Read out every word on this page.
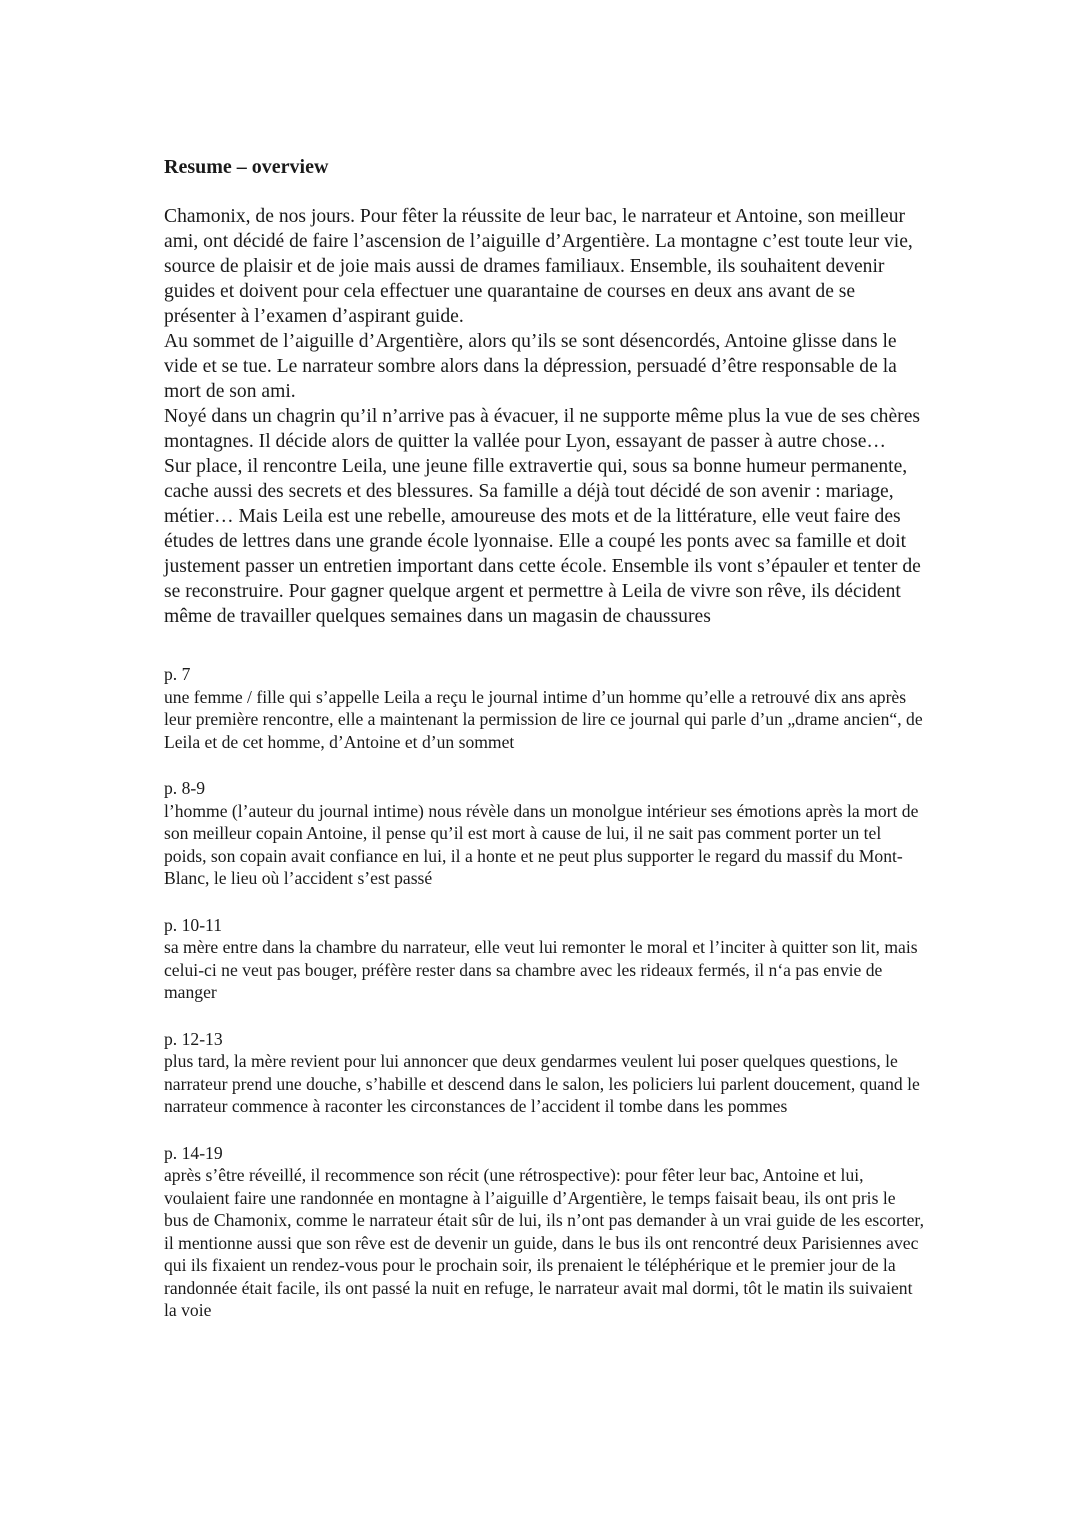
Resume – overview

Chamonix, de nos jours. Pour fêter la réussite de leur bac, le narrateur et Antoine, son meilleur ami, ont décidé de faire l’ascension de l’aiguille d’Argentière. La montagne c’est toute leur vie, source de plaisir et de joie mais aussi de drames familiaux. Ensemble, ils souhaitent devenir guides et doivent pour cela effectuer une quarantaine de courses en deux ans avant de se présenter à l’examen d’aspirant guide.

Au sommet de l’aiguille d’Argentière, alors qu’ils se sont désencordés, Antoine glisse dans le vide et se tue. Le narrateur sombre alors dans la dépression, persuadé d’être responsable de la mort de son ami.

Noyé dans un chagrin qu’il n’arrive pas à évacuer, il ne supporte même plus la vue de ses chères montagnes. Il décide alors de quitter la vallée pour Lyon, essayant de passer à autre chose…

Sur place, il rencontre Leila, une jeune fille extravertie qui, sous sa bonne humeur permanente, cache aussi des secrets et des blessures. Sa famille a déjà tout décidé de son avenir : mariage, métier… Mais Leila est une rebelle, amoureuse des mots et de la littérature, elle veut faire des études de lettres dans une grande école lyonnaise. Elle a coupé les ponts avec sa famille et doit justement passer un entretien important dans cette école. Ensemble ils vont s’épauler et tenter de se reconstruire. Pour gagner quelque argent et permettre à Leila de vivre son rêve, ils décident même de travailler quelques semaines dans un magasin de chaussures

p. 7

une femme / fille qui s’appelle Leila a reçu le journal intime d’un homme qu’elle a retrouvé dix ans après leur première rencontre, elle a maintenant la permission de lire ce journal qui parle d’un „drame ancien“, de Leila et de cet homme, d’Antoine et d’un sommet

p. 8-9

l’homme (l’auteur du journal intime) nous révèle dans un monolgue intérieur ses émotions après la mort de son meilleur copain Antoine, il pense qu’il est mort à cause de lui, il ne sait pas comment porter un tel poids, son copain avait confiance en lui, il a honte et ne peut plus supporter le regard du massif du Mont-Blanc, le lieu où l’accident s’est passé

p. 10-11

sa mère entre dans la chambre du narrateur, elle veut lui remonter le moral et l’inciter à quitter son lit, mais celui-ci ne veut pas bouger, préfère rester dans sa chambre avec les rideaux fermés, il n‘a pas envie de manger

p. 12-13

plus tard, la mère revient pour lui annoncer que deux gendarmes veulent lui poser quelques questions, le narrateur prend une douche, s’habille et descend dans le salon, les policiers lui parlent doucement, quand le narrateur commence à raconter les circonstances de l’accident il tombe dans les pommes

p. 14-19

après s’être réveillé, il recommence son récit (une rétrospective): pour fêter leur bac, Antoine et lui, voulaient faire une randonnée en montagne à l’aiguille d’Argentière, le temps faisait beau, ils ont pris le bus de Chamonix, comme le narrateur était sûr de lui, ils n’ont pas demander à un vrai guide de les escorter, il mentionne aussi que son rêve est de devenir un guide, dans le bus ils ont rencontré deux Parisiennes avec qui ils fixaient un rendez-vous pour le prochain soir, ils prenaient le téléphérique et le premier jour de la randonnée était facile, ils ont passé la nuit en refuge, le narrateur avait mal dormi, tôt le matin ils suivaient la voie
